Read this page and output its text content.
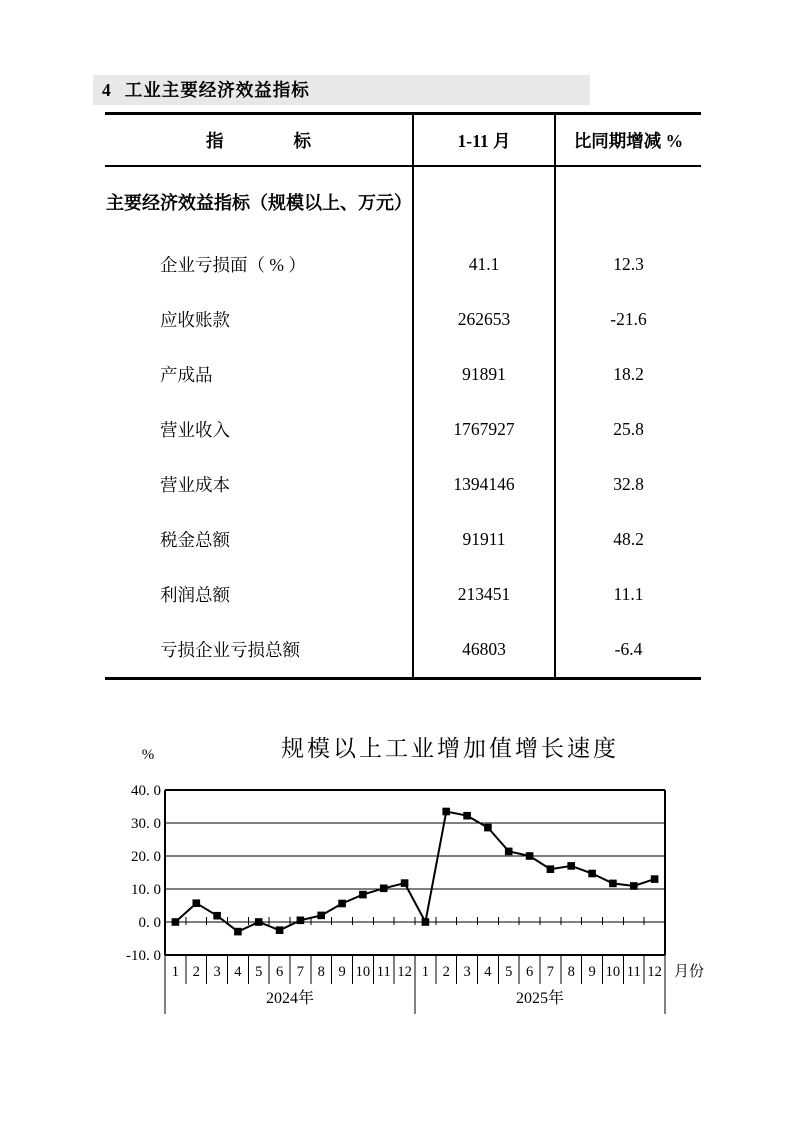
4 工业主要经济效益指标
指　　　　标	1-11 月	比同期增减 %
主要经济效益指标（规模以上、万元）		
企业亏损面（ % ）	41.1	12.3
应收账款	262653	-21.6
产成品	91891	18.2
营业收入	1767927	25.8
营业成本	1394146	32.8
税金总额	91911	48.2
利润总额	213451	11.1
亏损企业亏损总额	46803	-6.4
规模以上工业增加值增长速度
40. 0
30. 0
20. 0
10. 0
0. 0
-10. 0
1 2 3 4 5 6 7 8 9 10 11 12
2024年
1 2 3 4 5 6 7 8 9 10 11 12
2025年
%
月份
